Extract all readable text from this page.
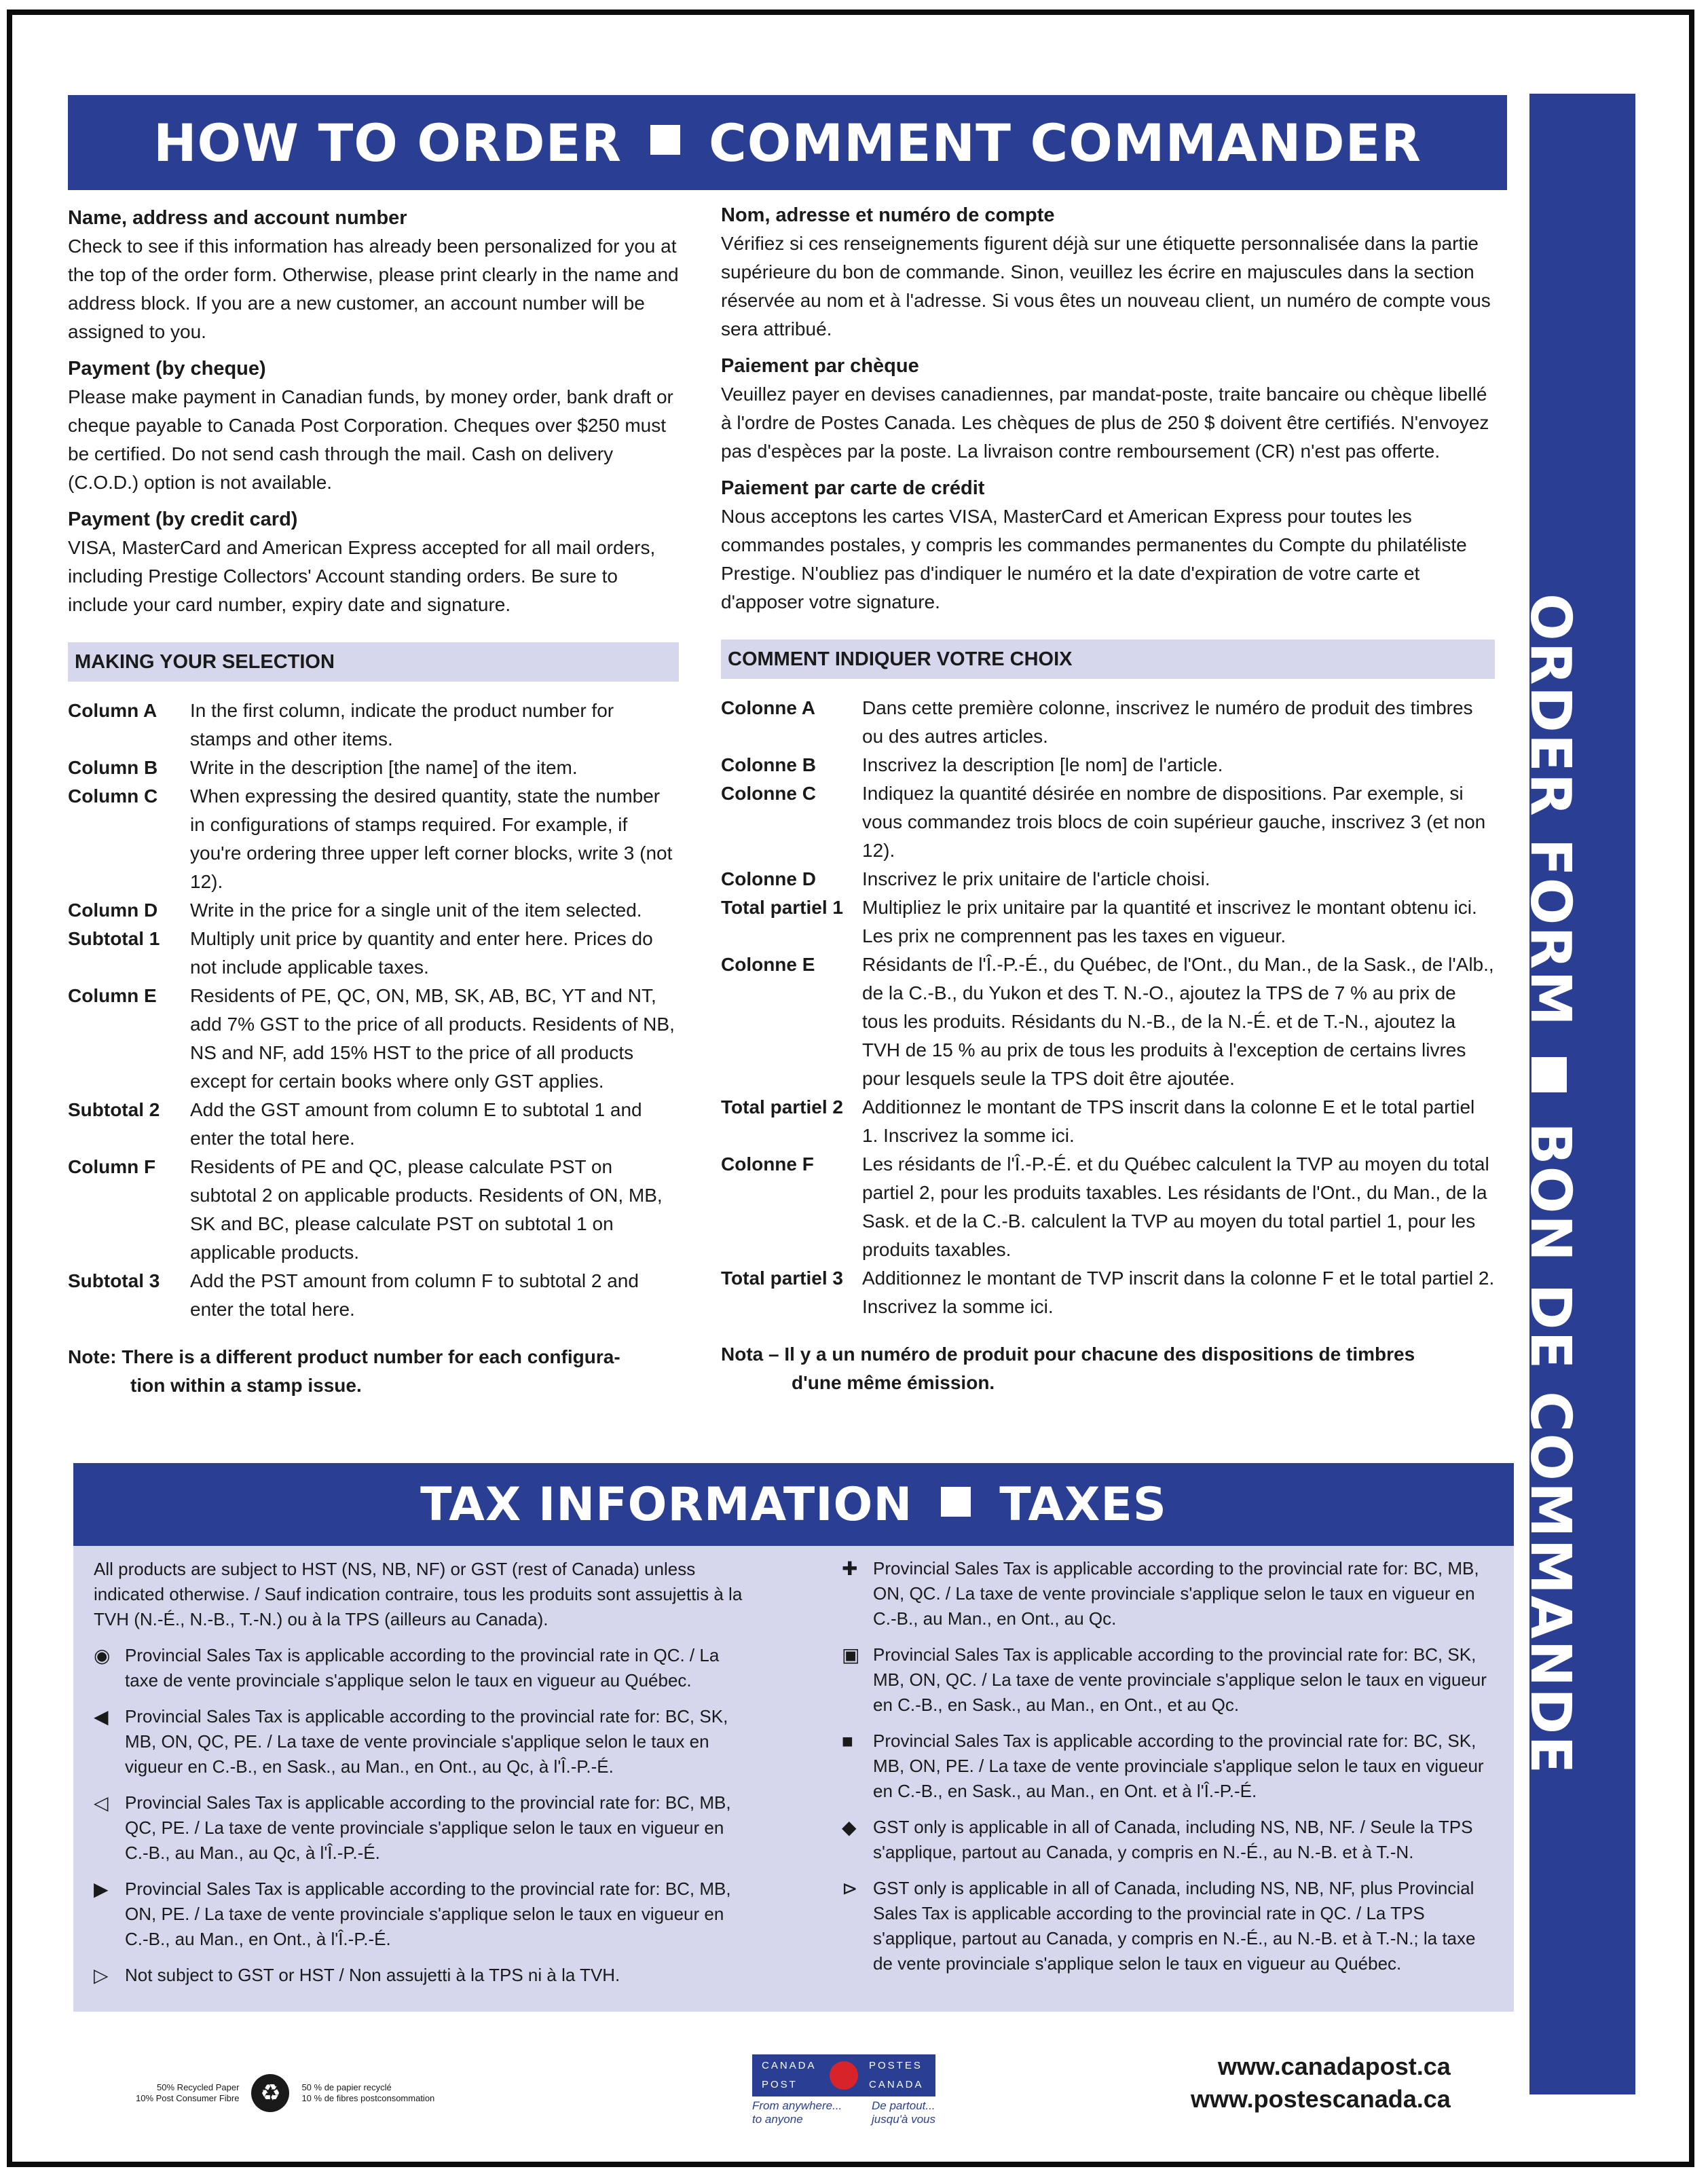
HOW TO ORDER COMMENT COMMANDER
ORDER FORMBON DE COMMANDE
Name, address and account number

Check to see if this information has already been personalized for you at the top of the order form. Otherwise, please print clearly in the name and address block. If you are a new customer, an account number will be assigned to you.

Payment (by cheque)

Please make payment in Canadian funds, by money order, bank draft or cheque payable to Canada Post Corporation. Cheques over $250 must be certified. Do not send cash through the mail. Cash on delivery (C.O.D.) option is not available.

Payment (by credit card)

VISA, MasterCard and American Express accepted for all mail orders, including Prestige Collectors' Account standing orders. Be sure to include your card number, expiry date and signature.

MAKING YOUR SELECTION
Column A	In the first column, indicate the product number for stamps and other items.
Column B	Write in the description [the name] of the item.
Column C	When expressing the desired quantity, state the number in configurations of stamps required. For example, if you're ordering three upper left corner blocks, write 3 (not 12).
Column D	Write in the price for a single unit of the item selected.
Subtotal 1	Multiply unit price by quantity and enter here. Prices do not include applicable taxes.
Column E	Residents of PE, QC, ON, MB, SK, AB, BC, YT and NT, add 7% GST to the price of all products. Residents of NB, NS and NF, add 15% HST to the price of all products except for certain books where only GST applies.
Subtotal 2	Add the GST amount from column E to subtotal 1 and enter the total here.
Column F	Residents of PE and QC, please calculate PST on subtotal 2 on applicable products. Residents of ON, MB, SK and BC, please calculate PST on subtotal 1 on applicable products.
Subtotal 3	Add the PST amount from column F to subtotal 2 and enter the total here.
Note: There is a different product number for each configura-
tion within a stamp issue.
Nom, adresse et numéro de compte

Vérifiez si ces renseignements figurent déjà sur une étiquette personnalisée dans la partie supérieure du bon de commande. Sinon, veuillez les écrire en majuscules dans la section réservée au nom et à l'adresse. Si vous êtes un nouveau client, un numéro de compte vous sera attribué.

Paiement par chèque

Veuillez payer en devises canadiennes, par mandat-poste, traite bancaire ou chèque libellé à l'ordre de Postes Canada. Les chèques de plus de 250 $ doivent être certifiés. N'envoyez pas d'espèces par la poste. La livraison contre remboursement (CR) n'est pas offerte.

Paiement par carte de crédit

Nous acceptons les cartes VISA, MasterCard et American Express pour toutes les commandes postales, y compris les commandes permanentes du Compte du philatéliste Prestige. N'oubliez pas d'indiquer le numéro et la date d'expiration de votre carte et d'apposer votre signature.

COMMENT INDIQUER VOTRE CHOIX
Colonne A	Dans cette première colonne, inscrivez le numéro de produit des timbres ou des autres articles.
Colonne B	Inscrivez la description [le nom] de l'article.
Colonne C	Indiquez la quantité désirée en nombre de dispositions. Par exemple, si vous commandez trois blocs de coin supérieur gauche, inscrivez 3 (et non 12).
Colonne D	Inscrivez le prix unitaire de l'article choisi.
Total partiel 1	Multipliez le prix unitaire par la quantité et inscrivez le montant obtenu ici. Les prix ne comprennent pas les taxes en vigueur.
Colonne E	Résidants de l'Î.-P.-É., du Québec, de l'Ont., du Man., de la Sask., de l'Alb., de la C.-B., du Yukon et des T. N.-O., ajoutez la TPS de 7 % au prix de tous les produits. Résidants du N.-B., de la N.-É. et de T.-N., ajoutez la TVH de 15 % au prix de tous les produits à l'exception de certains livres pour lesquels seule la TPS doit être ajoutée.
Total partiel 2	Additionnez le montant de TPS inscrit dans la colonne E et le total partiel 1. Inscrivez la somme ici.
Colonne F	Les résidants de l'Î.-P.-É. et du Québec calculent la TVP au moyen du total partiel 2, pour les produits taxables. Les résidants de l'Ont., du Man., de la Sask. et de la C.-B. calculent la TVP au moyen du total partiel 1, pour les produits taxables.
Total partiel 3	Additionnez le montant de TVP inscrit dans la colonne F et le total partiel 2. Inscrivez la somme ici.
Nota – Il y a un numéro de produit pour chacune des dispositions de timbres
d'une même émission.
TAX INFORMATION TAXES

All products are subject to HST (NS, NB, NF) or GST (rest of Canada) unless indicated otherwise. / Sauf indication contraire, tous les produits sont assujettis à la TVH (N.-É., N.-B., T.-N.) ou à la TPS (ailleurs au Canada).

◉ Provincial Sales Tax is applicable according to the provincial rate in QC. / La taxe de vente provinciale s'applique selon le taux en vigueur au Québec.
◀ Provincial Sales Tax is applicable according to the provincial rate for: BC, SK, MB, ON, QC, PE. / La taxe de vente provinciale s'applique selon le taux en vigueur en C.-B., en Sask., au Man., en Ont., au Qc, à l'Î.-P.-É.
◁ Provincial Sales Tax is applicable according to the provincial rate for: BC, MB, QC, PE. / La taxe de vente provinciale s'applique selon le taux en vigueur en C.-B., au Man., au Qc, à l'Î.-P.-É.
▶ Provincial Sales Tax is applicable according to the provincial rate for: BC, MB, ON, PE. / La taxe de vente provinciale s'applique selon le taux en vigueur en C.-B., au Man., en Ont., à l'Î.-P.-É.
▷ Not subject to GST or HST / Non assujetti à la TPS ni à la TVH.
✚ Provincial Sales Tax is applicable according to the provincial rate for: BC, MB, ON, QC. / La taxe de vente provinciale s'applique selon le taux en vigueur en C.-B., au Man., en Ont., au Qc.
▣ Provincial Sales Tax is applicable according to the provincial rate for: BC, SK, MB, ON, QC. / La taxe de vente provinciale s'applique selon le taux en vigueur en C.-B., en Sask., au Man., en Ont., et au Qc.
■	Provincial Sales Tax is applicable according to the provincial rate for: BC, SK, MB, ON, PE. / La taxe de vente provinciale s'applique selon le taux en vigueur en C.-B., en Sask., au Man., en Ont. et à l'Î.-P.-É.
◆ GST only is applicable in all of Canada, including NS, NB, NF. / Seule la TPS s'applique, partout au Canada, y compris en N.-É., au N.-B. et à T.-N.
⊳ GST only is applicable in all of Canada, including NS, NB, NF, plus Provincial Sales Tax is applicable according to the provincial rate in QC. / La TPS s'applique, partout au Canada, y compris en N.-É., au N.-B. et à T.-N.; la taxe de vente provinciale s'applique selon le taux en vigueur au Québec.
50% Recycled Paper
10% Post Consumer Fibre ♻	50 % de papier recyclé
10 % de fibres postconsommation
CANADA
POST
POSTES
CANADA
From anywhere...
to anyone
De partout...
jusqu'à vous
www.canadapost.ca
www.postescanada.ca
